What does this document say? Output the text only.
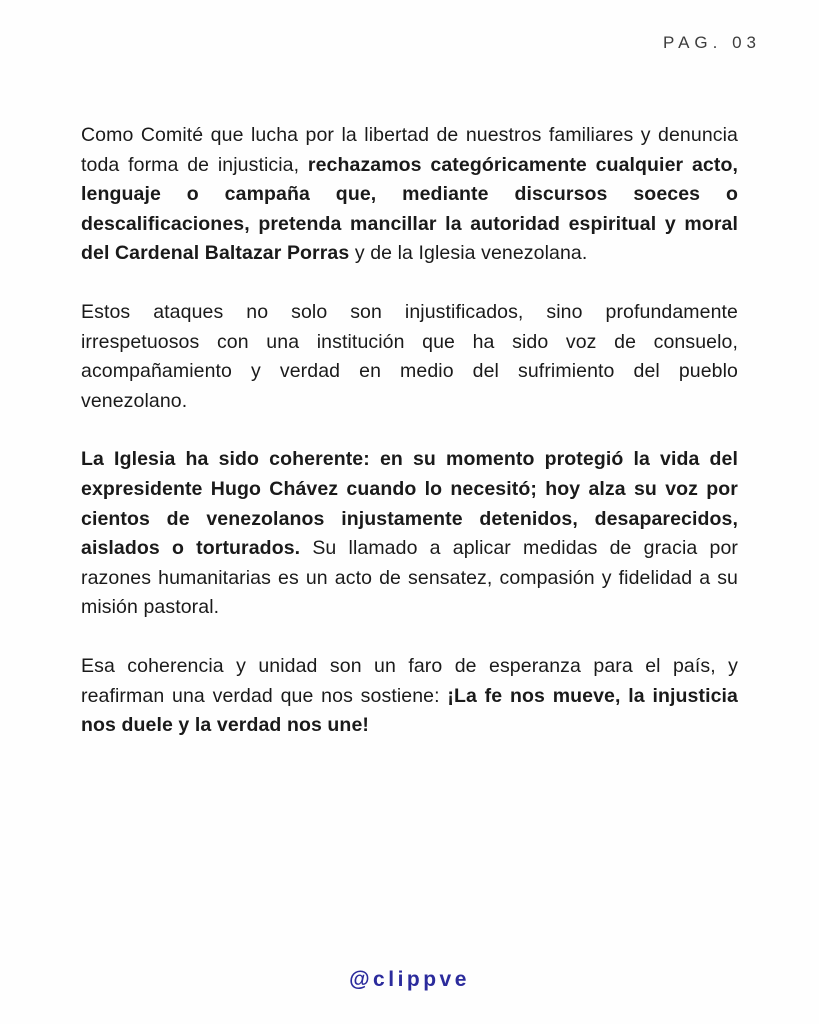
PAG. 03

Como Comité que lucha por la libertad de nuestros familiares y denuncia toda forma de injusticia, rechazamos categóricamente cualquier acto, lenguaje o campaña que, mediante discursos soeces o descalificaciones, pretenda mancillar la autoridad espiritual y moral del Cardenal Baltazar Porras y de la Iglesia venezolana.

Estos ataques no solo son injustificados, sino profundamente irrespetuosos con una institución que ha sido voz de consuelo, acompañamiento y verdad en medio del sufrimiento del pueblo venezolano.

La Iglesia ha sido coherente: en su momento protegió la vida del expresidente Hugo Chávez cuando lo necesitó; hoy alza su voz por cientos de venezolanos injustamente detenidos, desaparecidos, aislados o torturados. Su llamado a aplicar medidas de gracia por razones humanitarias es un acto de sensatez, compasión y fidelidad a su misión pastoral.

Esa coherencia y unidad son un faro de esperanza para el país, y reafirman una verdad que nos sostiene: ¡La fe nos mueve, la injusticia nos duele y la verdad nos une!

@clippve
